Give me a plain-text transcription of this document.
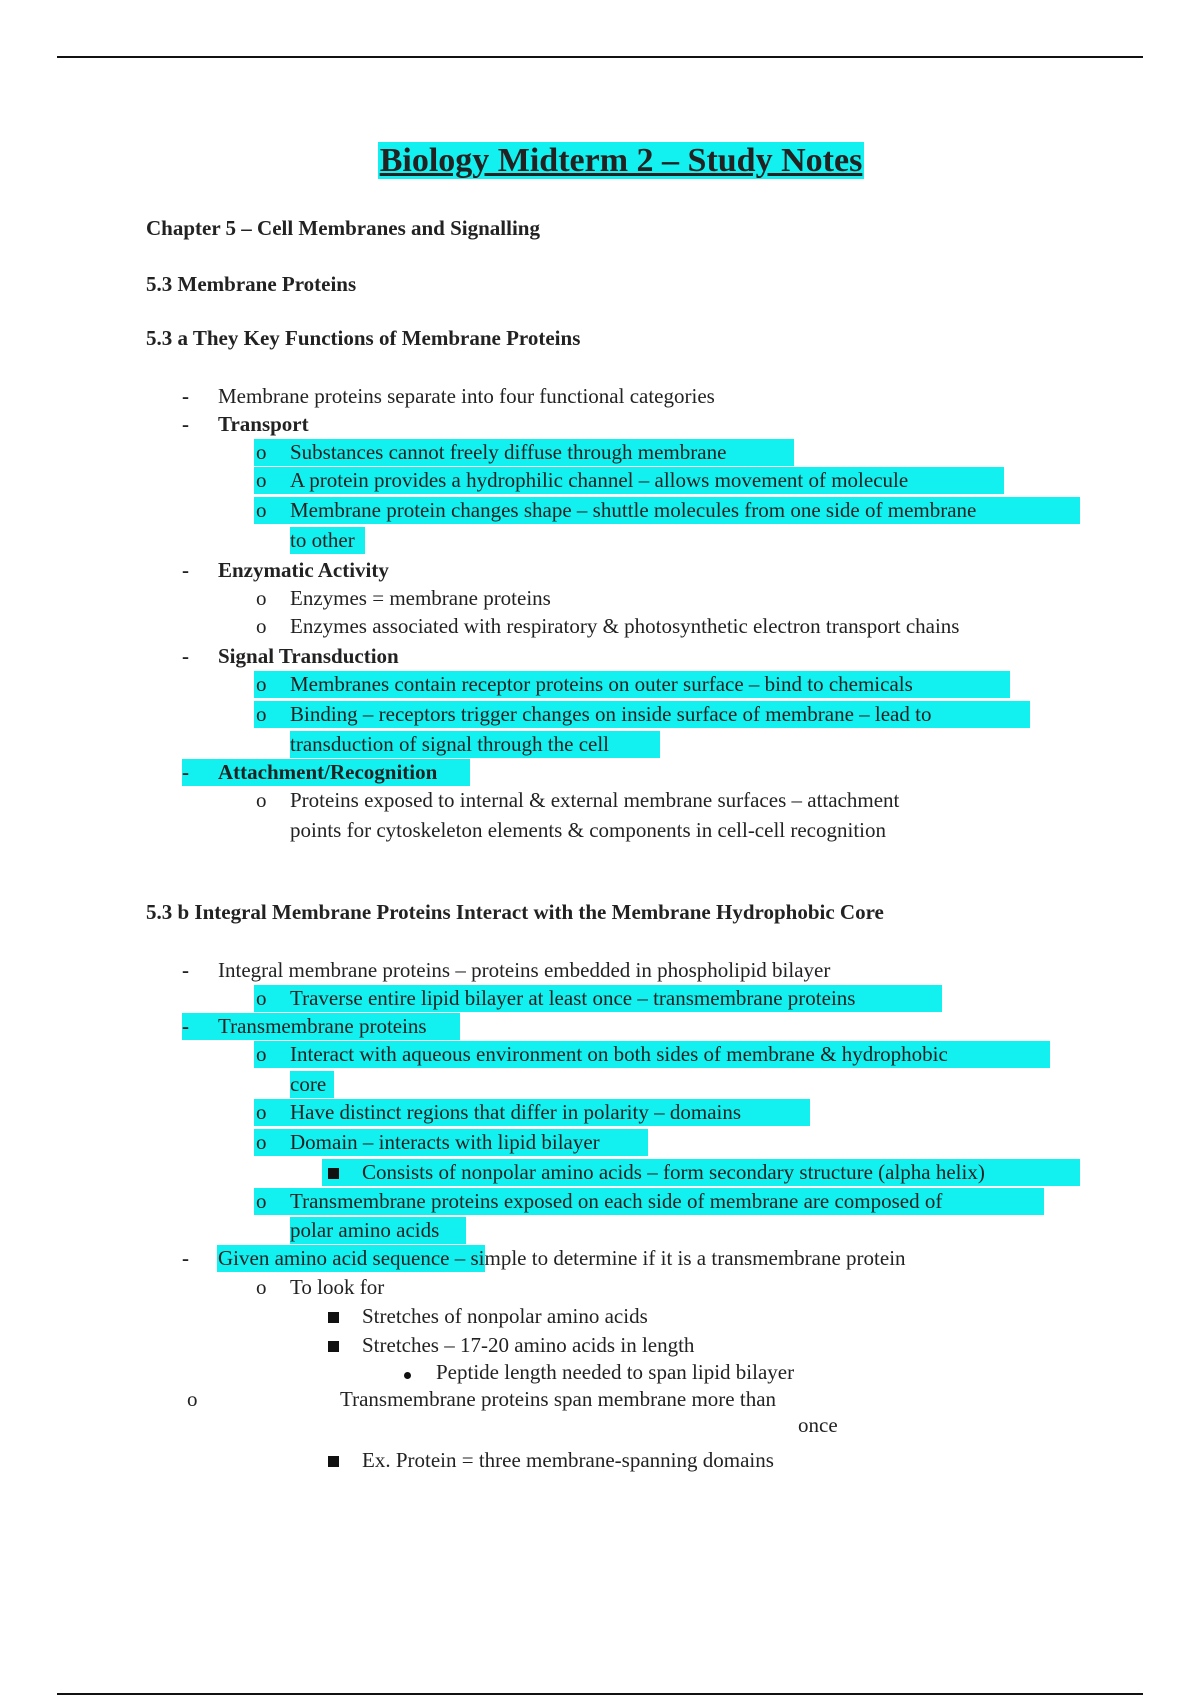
Biology Midterm 2 – Study Notes
Chapter 5 – Cell Membranes and Signalling
5.3 Membrane Proteins
5.3 a They Key Functions of Membrane Proteins
- Membrane proteins separate into four functional categories
- Transport
o Substances cannot freely diffuse through membrane
o A protein provides a hydrophilic channel – allows movement of molecule
o Membrane protein changes shape – shuttle molecules from one side of membrane
to other
- Enzymatic Activity
o Enzymes = membrane proteins
o Enzymes associated with respiratory & photosynthetic electron transport chains
- Signal Transduction
o Membranes contain receptor proteins on outer surface – bind to chemicals
o Binding – receptors trigger changes on inside surface of membrane – lead to
transduction of signal through the cell
- Attachment/Recognition
o Proteins exposed to internal & external membrane surfaces – attachment
points for cytoskeleton elements & components in cell-cell recognition
5.3 b Integral Membrane Proteins Interact with the Membrane Hydrophobic Core
- Integral membrane proteins – proteins embedded in phospholipid bilayer
o Traverse entire lipid bilayer at least once – transmembrane proteins
- Transmembrane proteins
o Interact with aqueous environment on both sides of membrane & hydrophobic
core
o Have distinct regions that differ in polarity – domains
o Domain – interacts with lipid bilayer
Consists of nonpolar amino acids – form secondary structure (alpha helix)
o Transmembrane proteins exposed on each side of membrane are composed of
polar amino acids
- Given amino acid sequence – simple to determine if it is a transmembrane protein
o To look for
Stretches of nonpolar amino acids
Stretches – 17-20 amino acids in length
Peptide length needed to span lipid bilayer
o	Transmembrane proteins span membrane more than
once
Ex. Protein = three membrane-spanning domains
